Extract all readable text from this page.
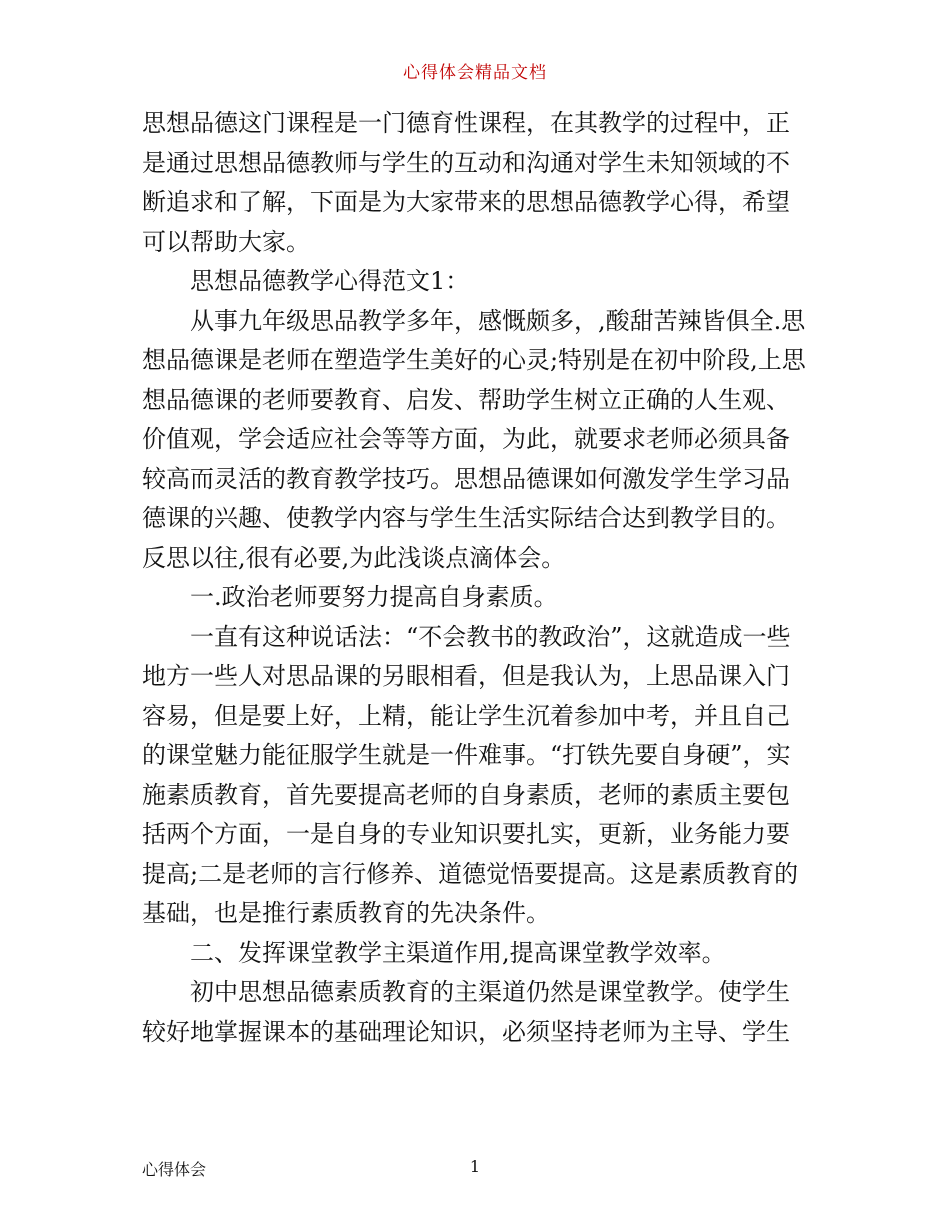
心得体会精品文档

思想品德这门课程是一门德育性课程，在其教学的过程中，正是通过思想品德教师与学生的互动和沟通对学生未知领域的不断追求和了解，下面是为大家带来的思想品德教学心得，希望可以帮助大家。

思想品德教学心得范文1：

从事九年级思品教学多年，感慨颇多，,酸甜苦辣皆俱全.思想品德课是老师在塑造学生美好的心灵;特别是在初中阶段,上思想品德课的老师要教育、启发、帮助学生树立正确的人生观、价值观，学会适应社会等等方面，为此，就要求老师必须具备较高而灵活的教育教学技巧。思想品德课如何激发学生学习品德课的兴趣、使教学内容与学生生活实际结合达到教学目的。反思以往,很有必要,为此浅谈点滴体会。

一.政治老师要努力提高自身素质。

一直有这种说话法：“不会教书的教政治”，这就造成一些地方一些人对思品课的另眼相看，但是我认为，上思品课入门容易，但是要上好，上精，能让学生沉着参加中考，并且自己的课堂魅力能征服学生就是一件难事。“打铁先要自身硬”，实施素质教育，首先要提高老师的自身素质，老师的素质主要包括两个方面，一是自身的专业知识要扎实，更新，业务能力要提高;二是老师的言行修养、道德觉悟要提高。这是素质教育的基础，也是推行素质教育的先决条件。

二、发挥课堂教学主渠道作用,提高课堂教学效率。

初中思想品德素质教育的主渠道仍然是课堂教学。使学生较好地掌握课本的基础理论知识，必须坚持老师为主导、学生

心得体会	1
